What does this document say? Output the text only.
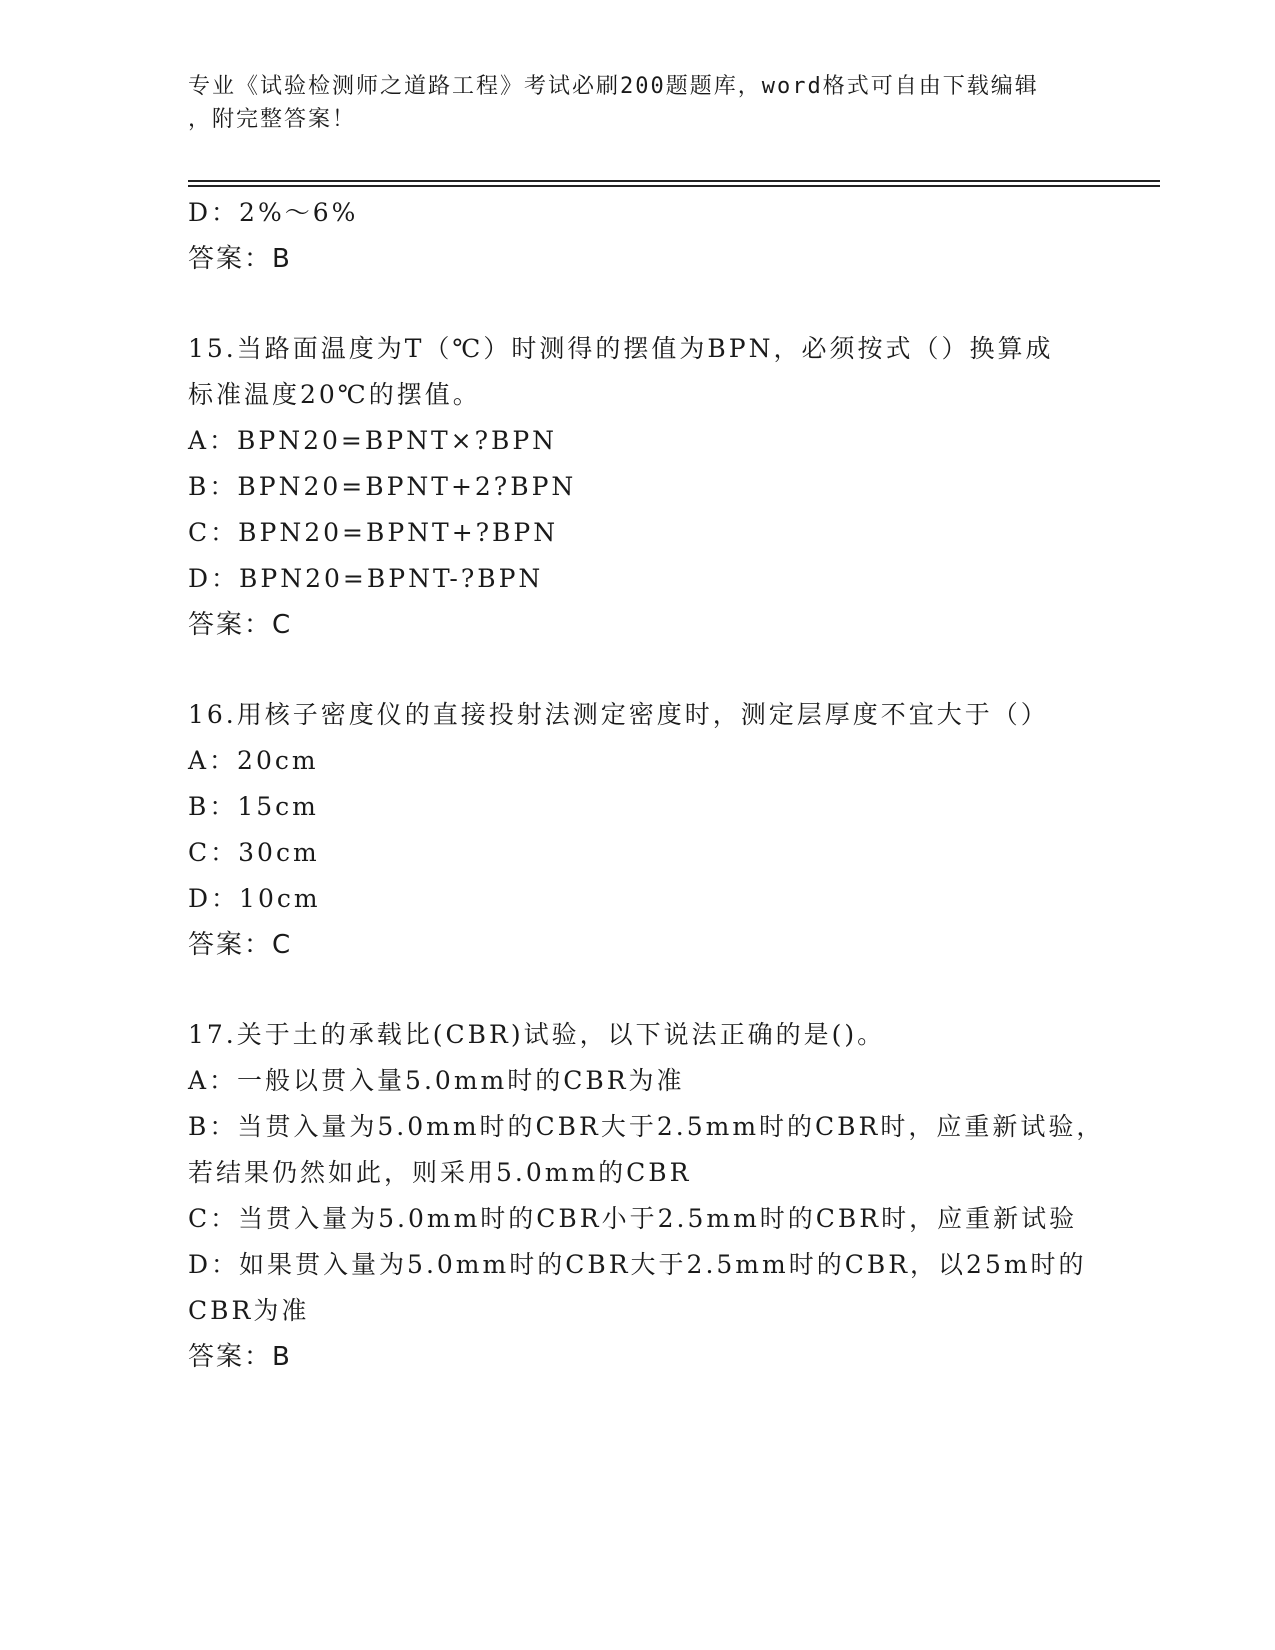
专业《试验检测师之道路工程》考试必刷200题题库，word格式可自由下载编辑
，附完整答案！
D：2%～6%
答案：B
15.当路面温度为T（℃）时测得的摆值为BPN，必须按式（）换算成
标准温度20℃的摆值。
A：BPN20=BPNT×?BPN
B：BPN20=BPNT+2?BPN
C：BPN20=BPNT+?BPN
D：BPN20=BPNT-?BPN
答案：C
16.用核子密度仪的直接投射法测定密度时，测定层厚度不宜大于（）
A：20cm
B：15cm
C：30cm
D：10cm
答案：C
17.关于土的承载比(CBR)试验，以下说法正确的是()。
A：一般以贯入量5.0mm时的CBR为准
B：当贯入量为5.0mm时的CBR大于2.5mm时的CBR时，应重新试验，
若结果仍然如此，则采用5.0mm的CBR
C：当贯入量为5.0mm时的CBR小于2.5mm时的CBR时，应重新试验
D：如果贯入量为5.0mm时的CBR大于2.5mm时的CBR，以25m时的
CBR为准
答案：B
